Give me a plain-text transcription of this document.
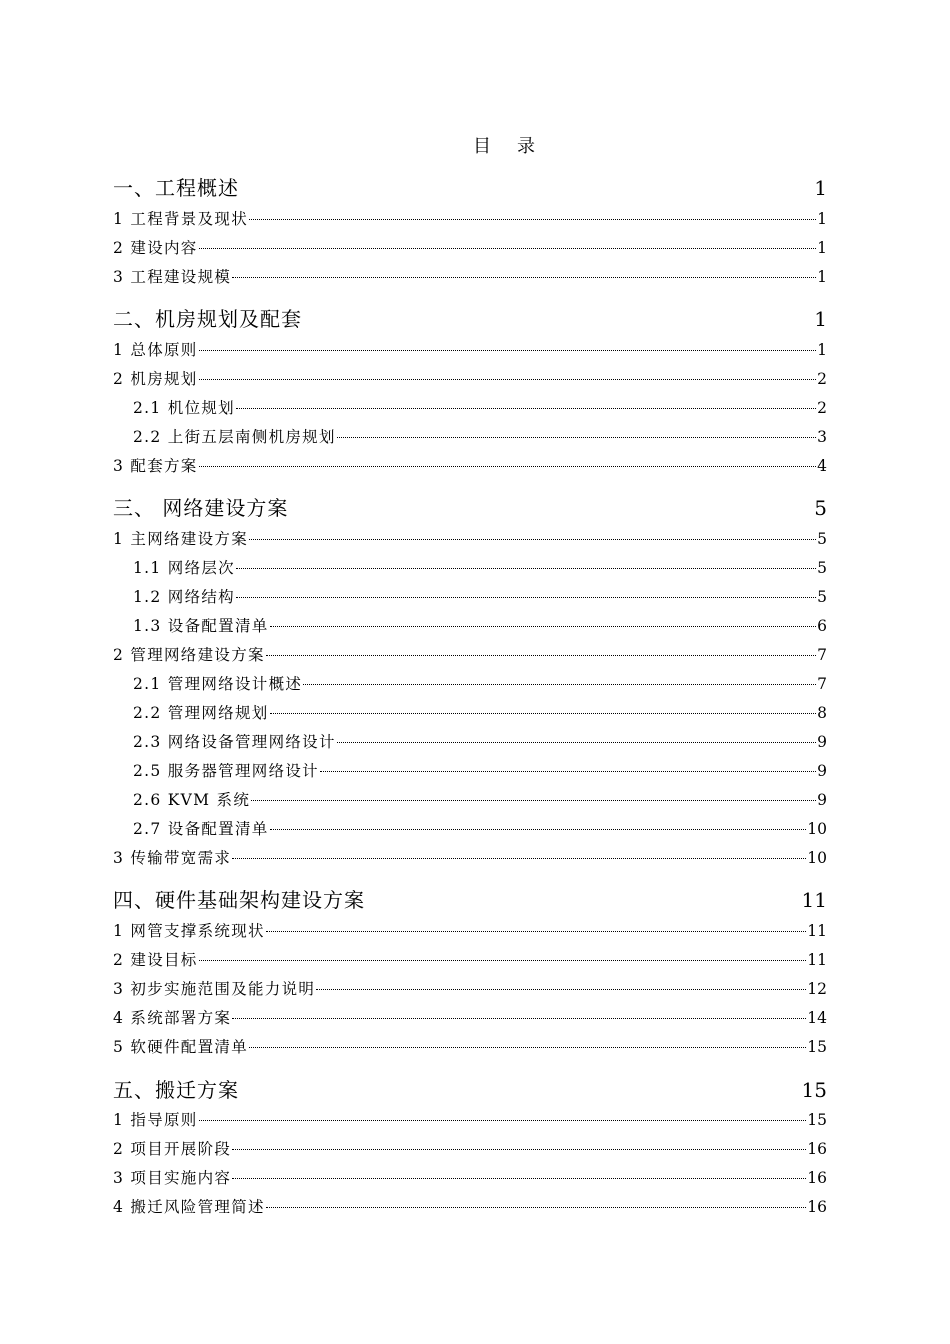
目 录
一、工程概述	1
1 工程背景及现状	1
2 建设内容	1
3 工程建设规模	1
二、机房规划及配套	1
1 总体原则	1
2 机房规划	2
2.1 机位规划	2
2.2 上街五层南侧机房规划	3
3 配套方案	4
三、 网络建设方案	5
1 主网络建设方案	5
1.1 网络层次	5
1.2 网络结构	5
1.3 设备配置清单	6
2 管理网络建设方案	7
2.1 管理网络设计概述	7
2.2 管理网络规划	8
2.3 网络设备管理网络设计	9
2.5 服务器管理网络设计	9
2.6 KVM 系统	9
2.7 设备配置清单	10
3 传输带宽需求	10
四、硬件基础架构建设方案	11
1 网管支撑系统现状	11
2 建设目标	11
3 初步实施范围及能力说明	12
4 系统部署方案	14
5 软硬件配置清单	15
五、搬迁方案	15
1 指导原则	15
2 项目开展阶段	16
3 项目实施内容	16
4 搬迁风险管理简述	16
